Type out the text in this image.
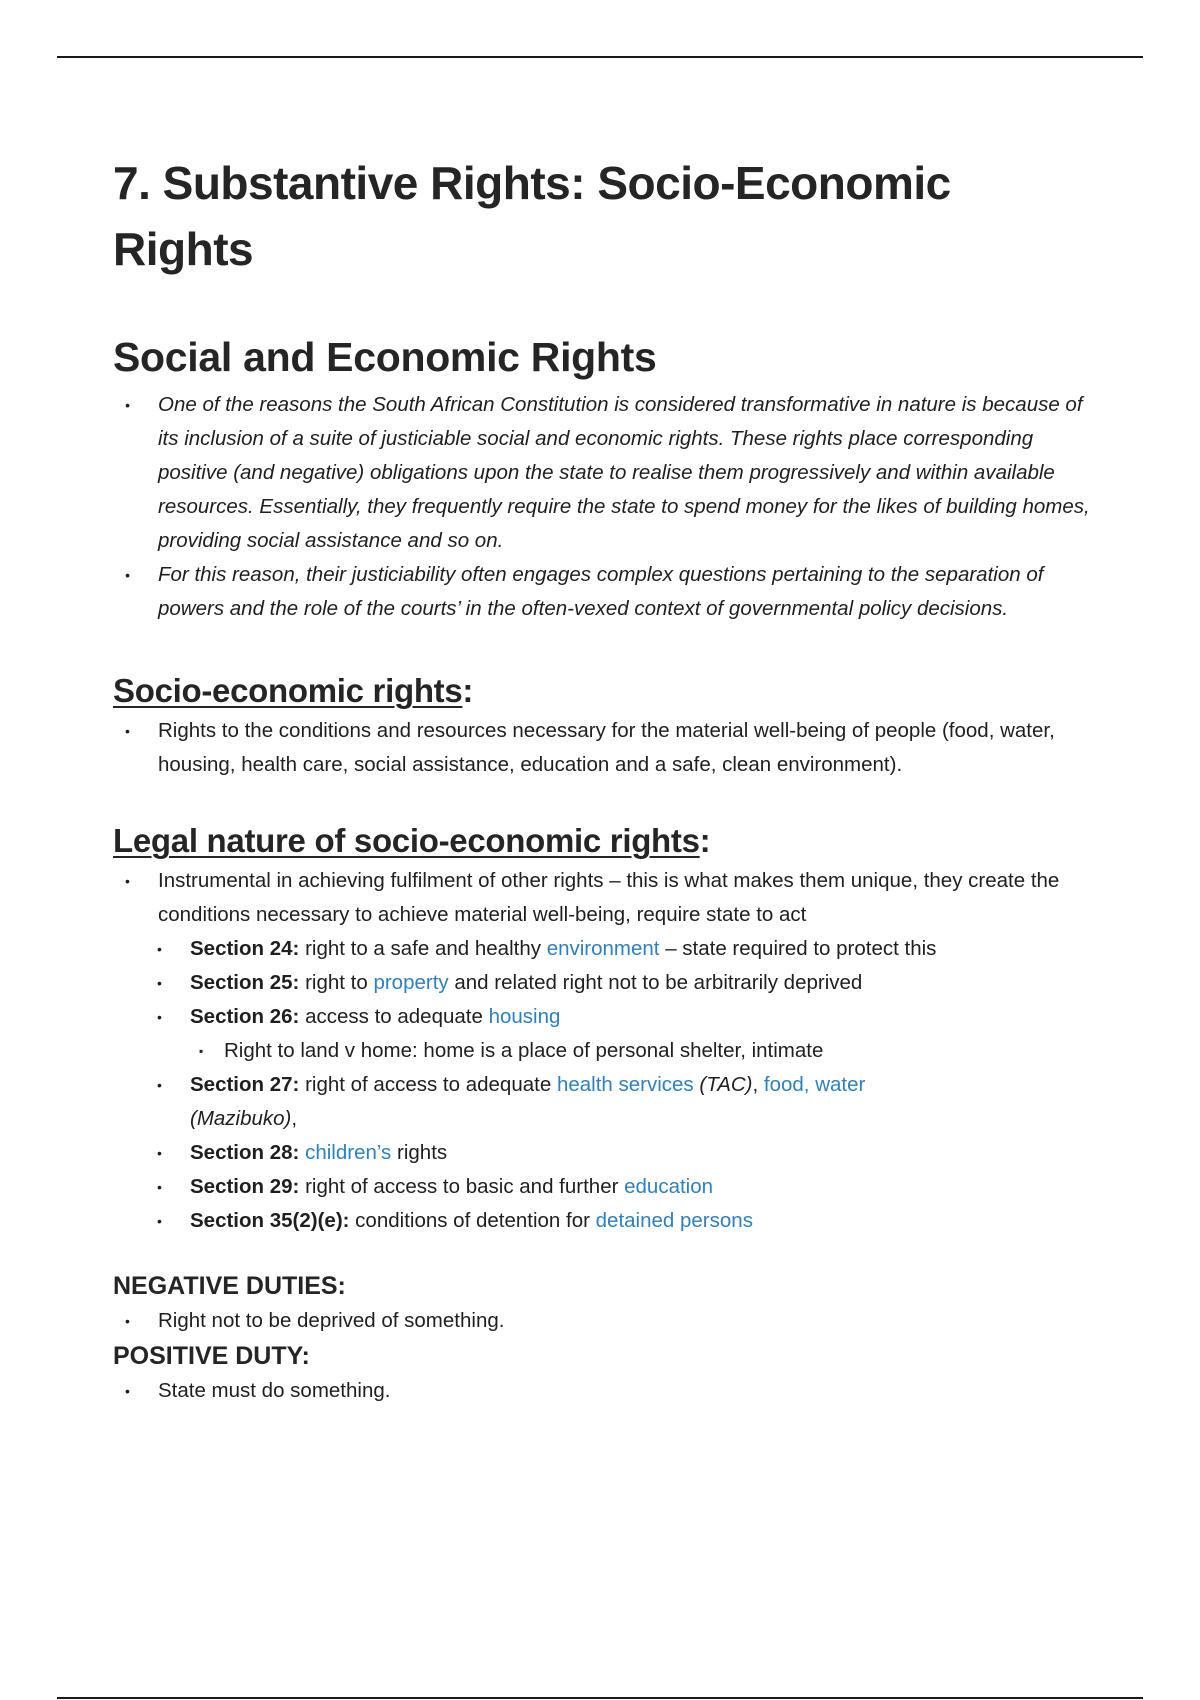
7. Substantive Rights: Socio-Economic Rights
Social and Economic Rights
• One of the reasons the South African Constitution is considered transformative in nature is because of its inclusion of a suite of justiciable social and economic rights. These rights place corresponding positive (and negative) obligations upon the state to realise them progressively and within available resources. Essentially, they frequently require the state to spend money for the likes of building homes, providing social assistance and so on.
• For this reason, their justiciability often engages complex questions pertaining to the separation of powers and the role of the courts’ in the often-vexed context of governmental policy decisions.
Socio-economic rights:
• Rights to the conditions and resources necessary for the material well-being of people (food, water, housing, health care, social assistance, education and a safe, clean environment).
Legal nature of socio-economic rights:
• Instrumental in achieving fulfilment of other rights – this is what makes them unique, they create the conditions necessary to achieve material well-being, require state to act
• Section 24: right to a safe and healthy environment – state required to protect this
• Section 25: right to property and related right not to be arbitrarily deprived
• Section 26: access to adequate housing
▪ Right to land v home: home is a place of personal shelter, intimate
• Section 27: right of access to adequate health services (TAC), food, water
(Mazibuko),
• Section 28: children’s rights
• Section 29: right of access to basic and further education
• Section 35(2)(e): conditions of detention for detained persons
NEGATIVE DUTIES:
• Right not to be deprived of something.
POSITIVE DUTY:
• State must do something.
